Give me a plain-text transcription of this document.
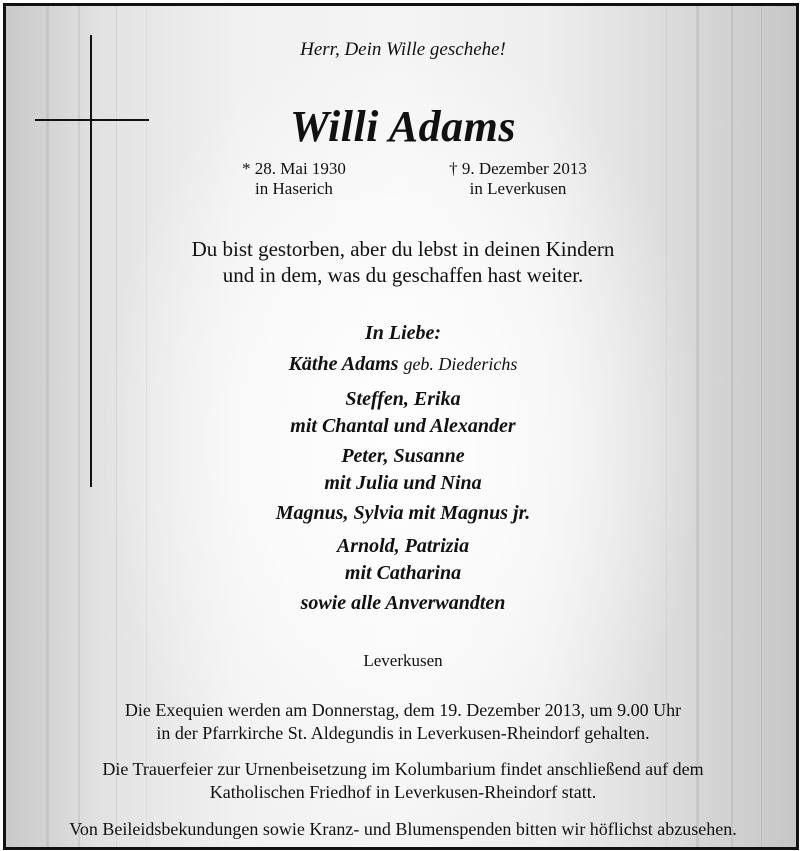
Herr, Dein Wille geschehe!
Willi Adams
* 28. Mai 1930
in Haserich
† 9. Dezember 2013
in Leverkusen
Du bist gestorben, aber du lebst in deinen Kindern
und in dem, was du geschaffen hast weiter.
In Liebe:
Käthe Adams geb. Diederichs
Steffen, Erika
mit Chantal und Alexander
Peter, Susanne
mit Julia und Nina
Magnus, Sylvia mit Magnus jr.
Arnold, Patrizia
mit Catharina
sowie alle Anverwandten
Leverkusen
Die Exequien werden am Donnerstag, dem 19. Dezember 2013, um 9.00 Uhr
in der Pfarrkirche St. Aldegundis in Leverkusen-Rheindorf gehalten.
Die Trauerfeier zur Urnenbeisetzung im Kolumbarium findet anschließend auf dem
Katholischen Friedhof in Leverkusen-Rheindorf statt.
Von Beileidsbekundungen sowie Kranz- und Blumenspenden bitten wir höflichst abzusehen.
